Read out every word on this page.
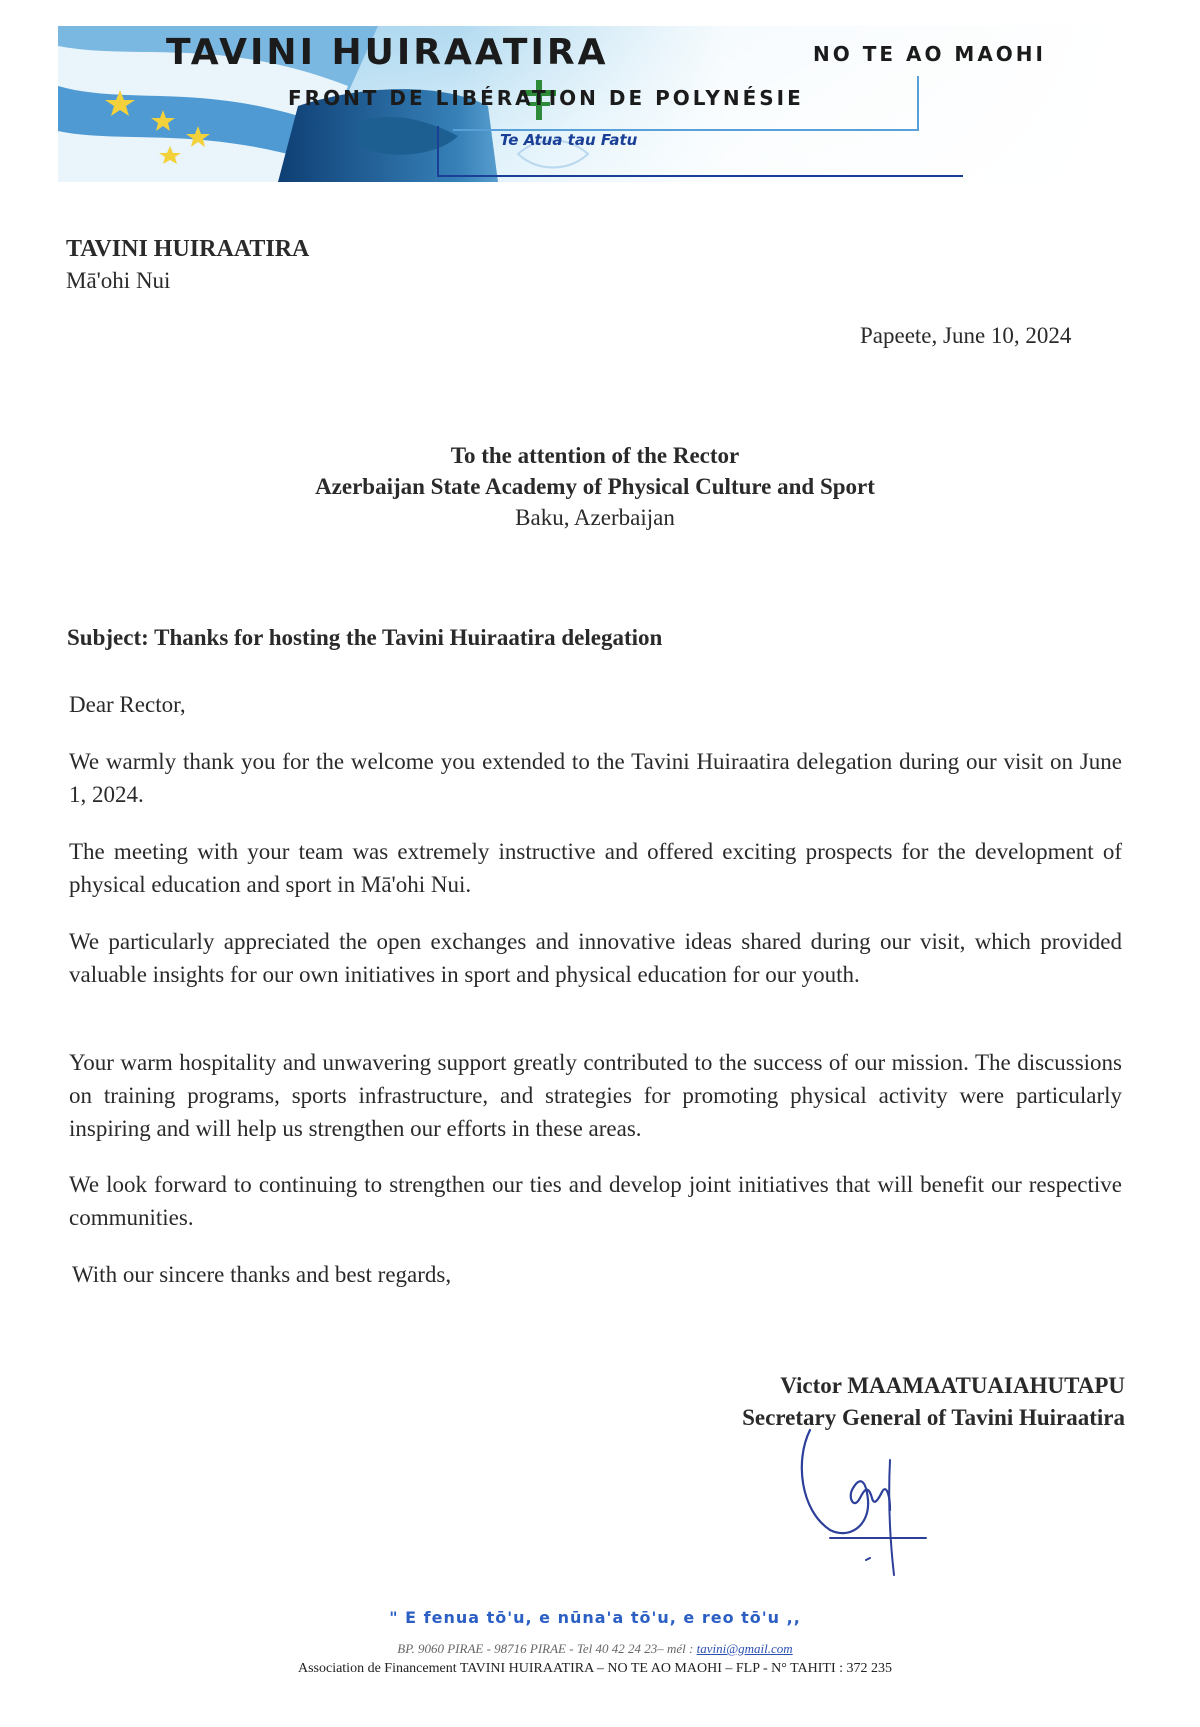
TAVINI HUIRAATIRA	NO TE AO MAOHI
FRONT DE LIBÉRATION DE POLYNÉSIE
Te Atua tau Fatu
TAVINI HUIRAATIRA
Mā'ohi Nui
Papeete, June 10, 2024
To the attention of the Rector
Azerbaijan State Academy of Physical Culture and Sport
Baku, Azerbaijan
Subject: Thanks for hosting the Tavini Huiraatira delegation
Dear Rector,
We warmly thank you for the welcome you extended to the Tavini Huiraatira delegation during our visit on June 1, 2024.
The meeting with your team was extremely instructive and offered exciting prospects for the development of physical education and sport in Mā'ohi Nui.
We particularly appreciated the open exchanges and innovative ideas shared during our visit, which provided valuable insights for our own initiatives in sport and physical education for our youth.
Your warm hospitality and unwavering support greatly contributed to the success of our mission. The discussions on training programs, sports infrastructure, and strategies for promoting physical activity were particularly inspiring and will help us strengthen our efforts in these areas.
We look forward to continuing to strengthen our ties and develop joint initiatives that will benefit our respective communities.
With our sincere thanks and best regards,
Victor MAAMAATUAIAHUTAPU
Secretary General of Tavini Huiraatira
" E fenua tō'u, e nūna'a tō'u, e reo tō'u ,,
BP. 9060 PIRAE - 98716 PIRAE - Tel 40 42 24 23– mél : tavini@gmail.com
Association de Financement TAVINI HUIRAATIRA – NO TE AO MAOHI – FLP - N° TAHITI : 372 235
